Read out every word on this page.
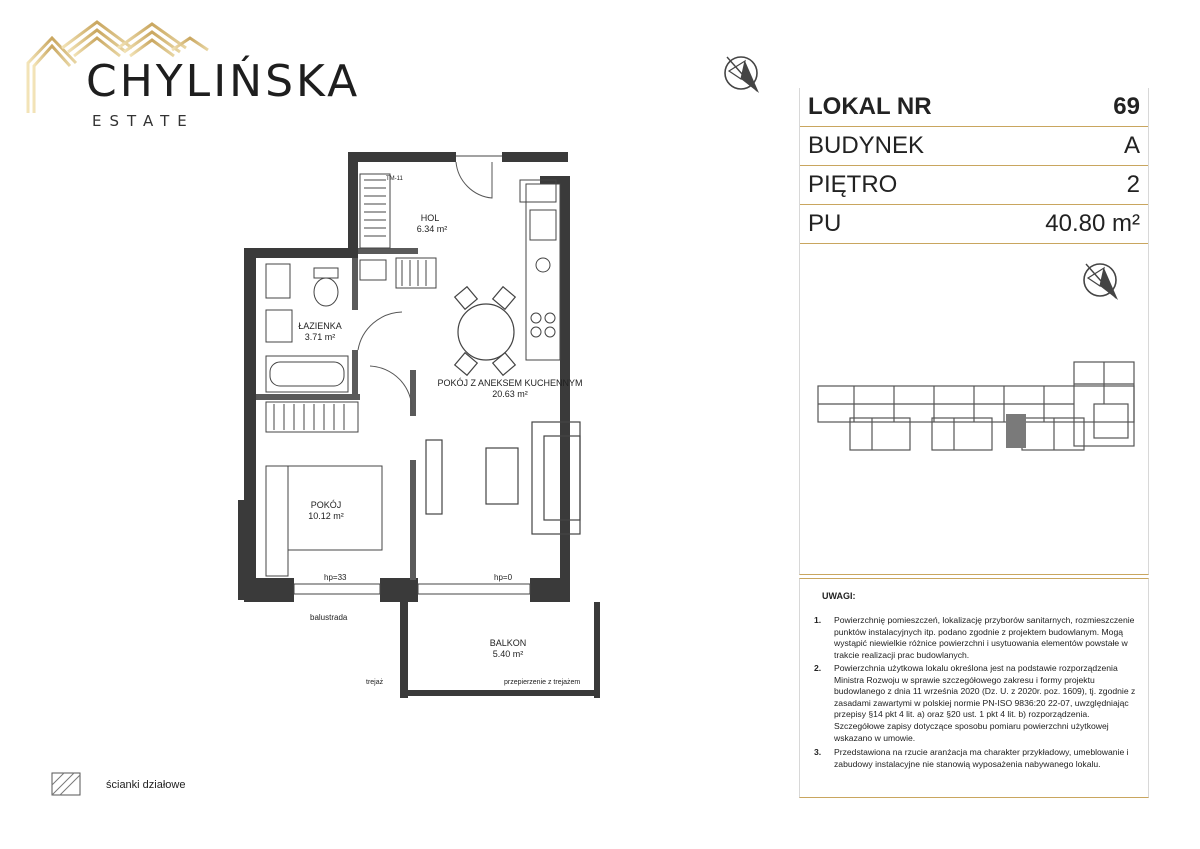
CHYLIŃSKA
ESTATE
LOKAL NR	69
BUDYNEK	A
PIĘTRO	2
PU	40.80 m²
UWAGI:
1.	Powierzchnię pomieszczeń, lokalizację przyborów sanitarnych, rozmieszczenie punktów instalacyjnych itp. podano zgodnie z projektem budowlanym. Mogą wystąpić niewielkie różnice powierzchni i usytuowania elementów powstałe w trakcie realizacji prac budowlanych.
2.	Powierzchnia użytkowa lokalu określona jest na podstawie rozporządzenia Ministra Rozwoju w sprawie szczegółowego zakresu i formy projektu budowlanego z dnia 11 września 2020 (Dz. U. z 2020r. poz. 1609), tj. zgodnie z zasadami zawartymi w polskiej normie PN-ISO 9836:20 22-07, uwzględniając przepisy §14 pkt 4 lit. a) oraz §20 ust. 1 pkt 4 lit. b) rozporządzenia. Szczegółowe zapisy dotyczące sposobu pomiaru powierzchni użytkowej wskazano w umowie.
3.	Przedstawiona na rzucie aranżacja ma charakter przykładowy, umeblowanie i zabudowy instalacyjne nie stanowią wyposażenia nabywanego lokalu.
ścianki działowe
HOL
6.34 m²
ŁAZIENKA
3.71 m²
POKÓJ Z ANEKSEM KUCHENNYM
20.63 m²
POKÓJ
10.12 m²
BALKON
5.40 m²
TM-11
hp=33	hp=0
balustrada
trejaż	przepierzenie z trejażem
